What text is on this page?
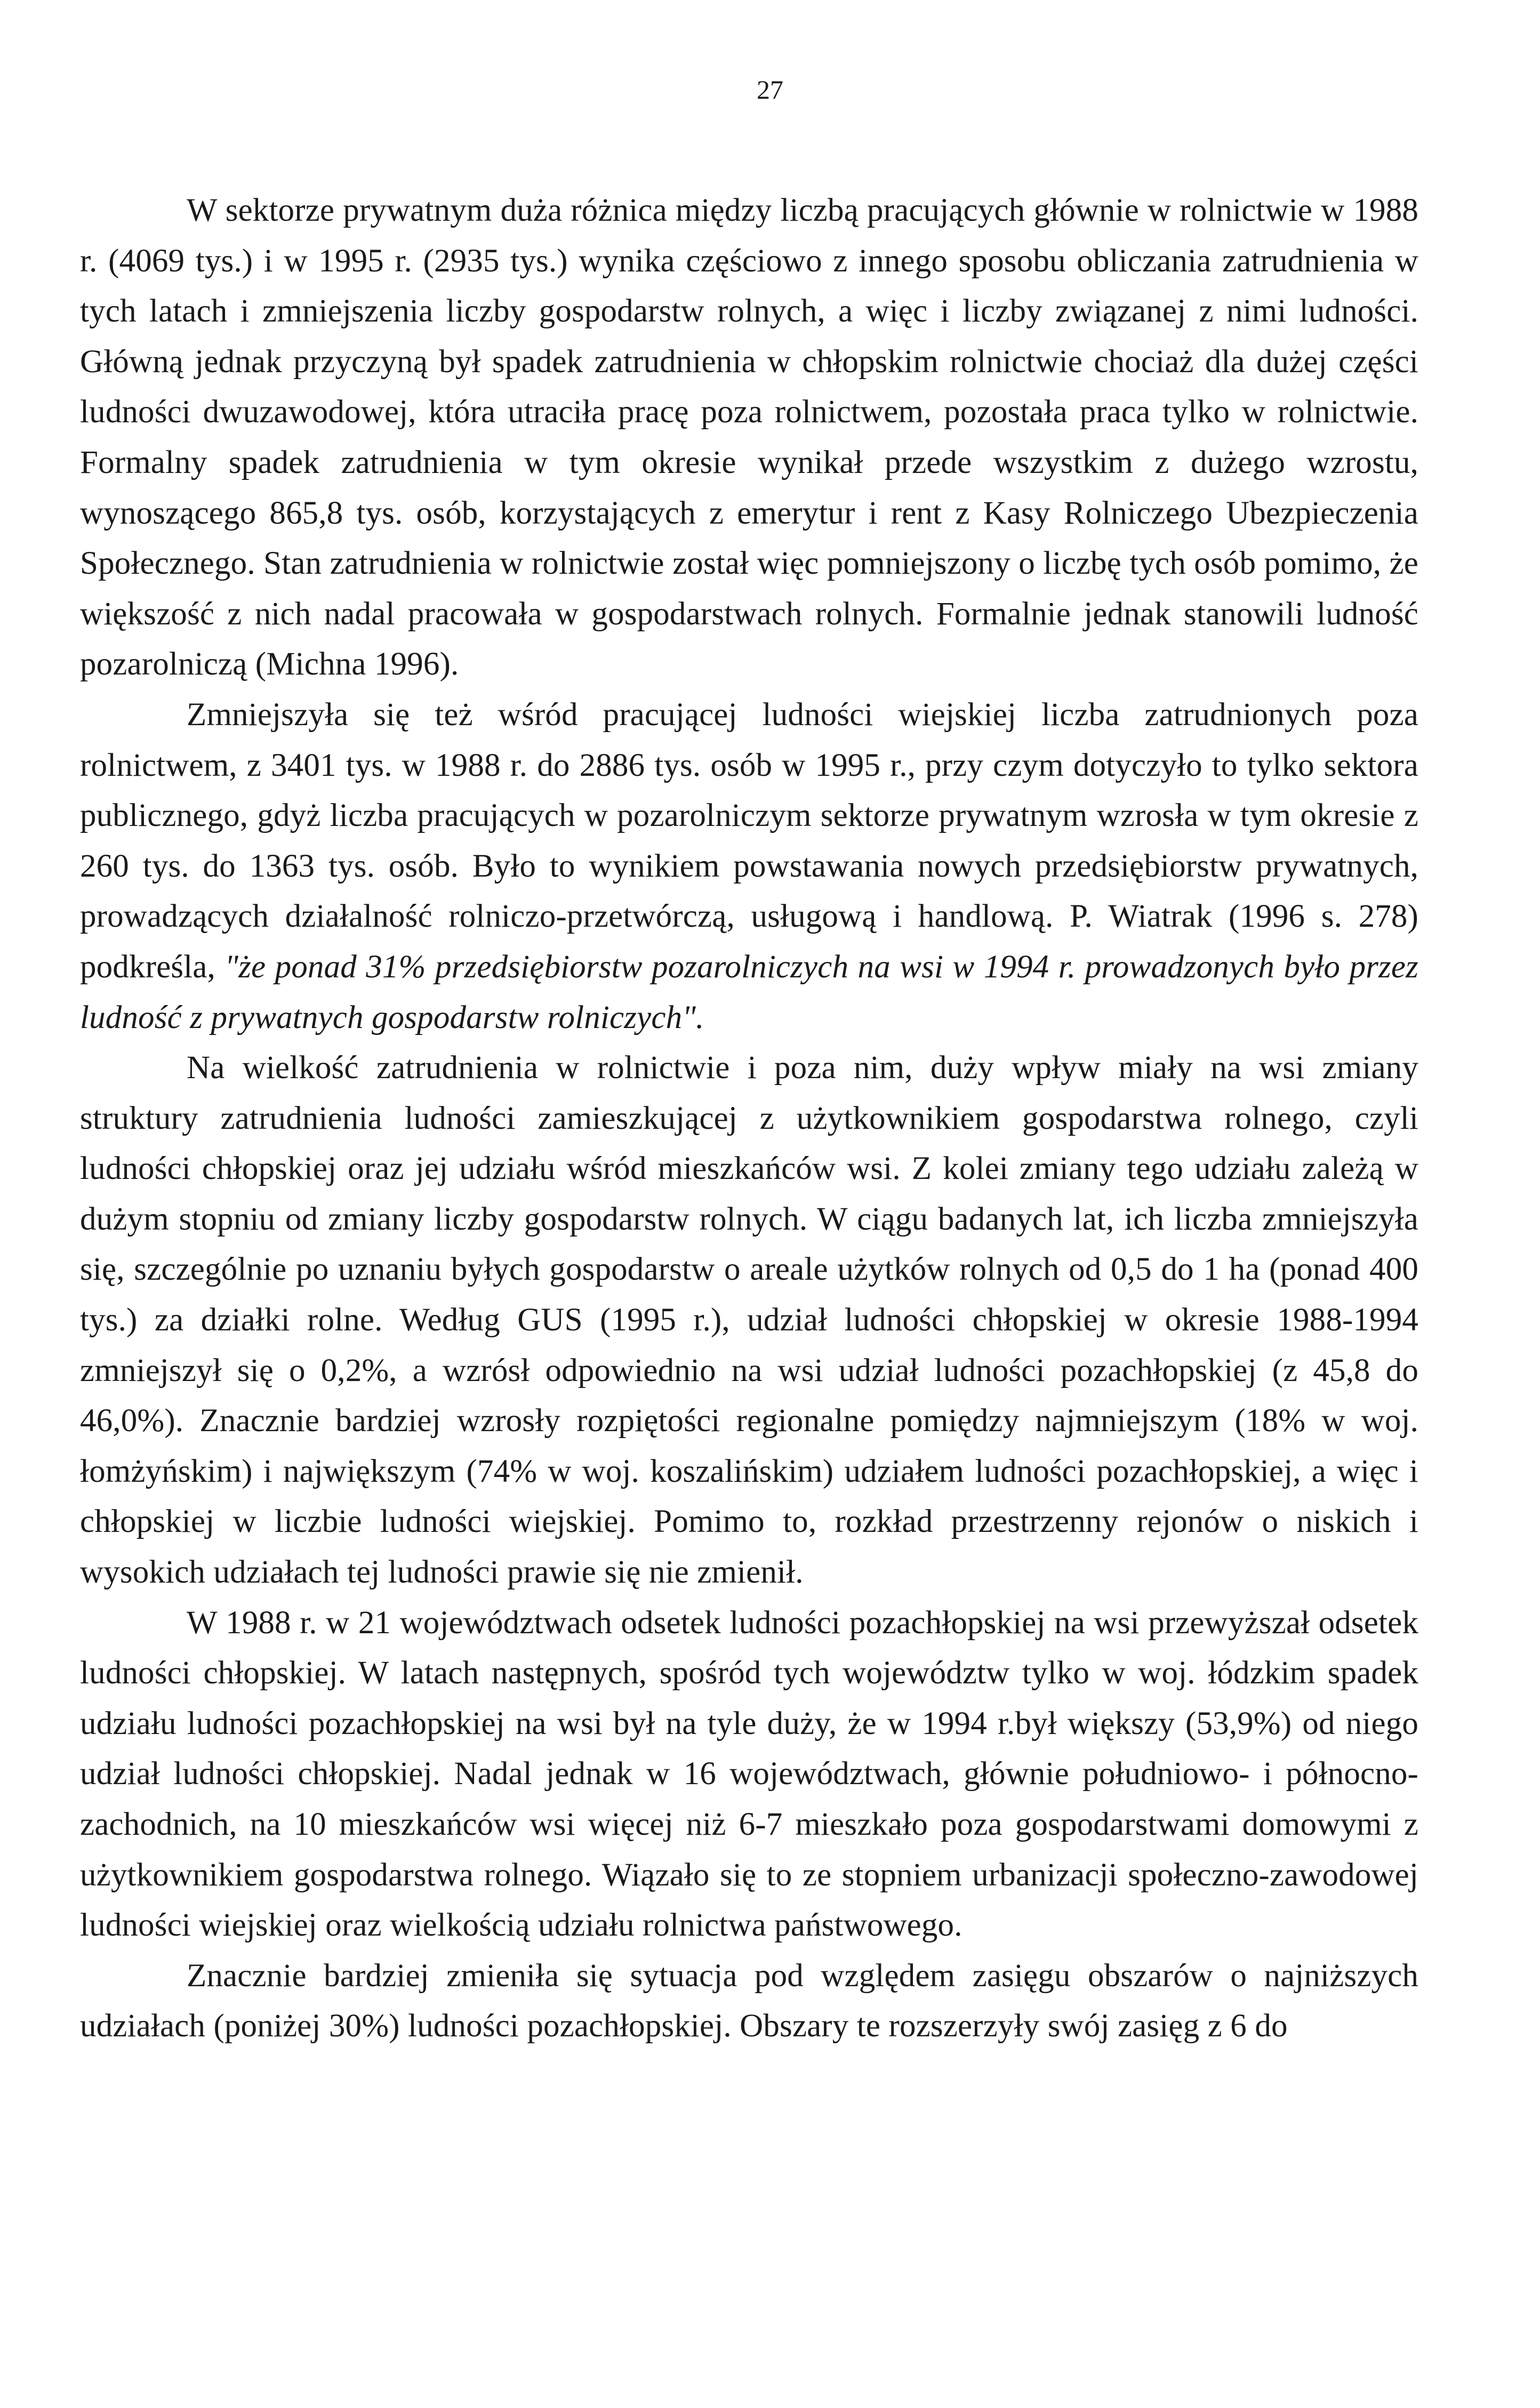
27

W sektorze prywatnym duża różnica między liczbą pracujących głównie w rolnictwie w 1988 r. (4069 tys.) i w 1995 r. (2935 tys.) wynika częściowo z innego sposobu obliczania zatrudnienia w tych latach i zmniejszenia liczby gospodarstw rolnych, a więc i liczby związanej z nimi ludności. Główną jednak przyczyną był spadek zatrudnienia w chłopskim rolnictwie chociaż dla dużej części ludności dwuzawodowej, która utraciła pracę poza rolnictwem, pozostała praca tylko w rolnictwie. Formalny spadek zatrudnienia w tym okresie wynikał przede wszystkim z dużego wzrostu, wynoszącego 865,8 tys. osób, korzystających z emerytur i rent z Kasy Rolniczego Ubezpieczenia Społecznego. Stan zatrudnienia w rolnictwie został więc pomniejszony o liczbę tych osób pomimo, że większość z nich nadal pracowała w gospodarstwach rolnych. Formalnie jednak stanowili ludność pozarolniczą (Michna 1996).

Zmniejszyła się też wśród pracującej ludności wiejskiej liczba zatrudnionych poza rolnictwem, z 3401 tys. w 1988 r. do 2886 tys. osób w 1995 r., przy czym dotyczyło to tylko sektora publicznego, gdyż liczba pracujących w pozarolniczym sektorze prywatnym wzrosła w tym okresie z 260 tys. do 1363 tys. osób. Było to wynikiem powstawania nowych przedsiębiorstw prywatnych, prowadzących działalność rolniczo-przetwórczą, usługową i handlową. P. Wiatrak (1996 s. 278) podkreśla, "że ponad 31% przedsiębiorstw pozarolniczych na wsi w 1994 r. prowadzonych było przez ludność z prywatnych gospodarstw rolniczych".

Na wielkość zatrudnienia w rolnictwie i poza nim, duży wpływ miały na wsi zmiany struktury zatrudnienia ludności zamieszkującej z użytkownikiem gospodarstwa rolnego, czyli ludności chłopskiej oraz jej udziału wśród mieszkańców wsi. Z kolei zmiany tego udziału zależą w dużym stopniu od zmiany liczby gospodarstw rolnych. W ciągu badanych lat, ich liczba zmniejszyła się, szczególnie po uznaniu byłych gospodarstw o areale użytków rolnych od 0,5 do 1 ha (ponad 400 tys.) za działki rolne. Według GUS (1995 r.), udział ludności chłopskiej w okresie 1988-1994 zmniejszył się o 0,2%, a wzrósł odpowiednio na wsi udział ludności pozachłopskiej (z 45,8 do 46,0%). Znacznie bardziej wzrosły rozpiętości regionalne pomiędzy najmniejszym (18% w woj. łomżyńskim) i największym (74% w woj. koszalińskim) udziałem ludności pozachłopskiej, a więc i chłopskiej w liczbie ludności wiejskiej. Pomimo to, rozkład przestrzenny rejonów o niskich i wysokich udziałach tej ludności prawie się nie zmienił.

W 1988 r. w 21 województwach odsetek ludności pozachłopskiej na wsi przewyższał odsetek ludności chłopskiej. W latach następnych, spośród tych województw tylko w woj. łódzkim spadek udziału ludności pozachłopskiej na wsi był na tyle duży, że w 1994 r.był większy (53,9%) od niego udział ludności chłopskiej. Nadal jednak w 16 województwach, głównie południowo- i północno-zachodnich, na 10 mieszkańców wsi więcej niż 6-7 mieszkało poza gospodarstwami domowymi z użytkownikiem gospodarstwa rolnego. Wiązało się to ze stopniem urbanizacji społeczno-zawodowej ludności wiejskiej oraz wielkością udziału rolnictwa państwowego.

Znacznie bardziej zmieniła się sytuacja pod względem zasięgu obszarów o najniższych udziałach (poniżej 30%) ludności pozachłopskiej. Obszary te rozszerzyły swój zasięg z 6 do
